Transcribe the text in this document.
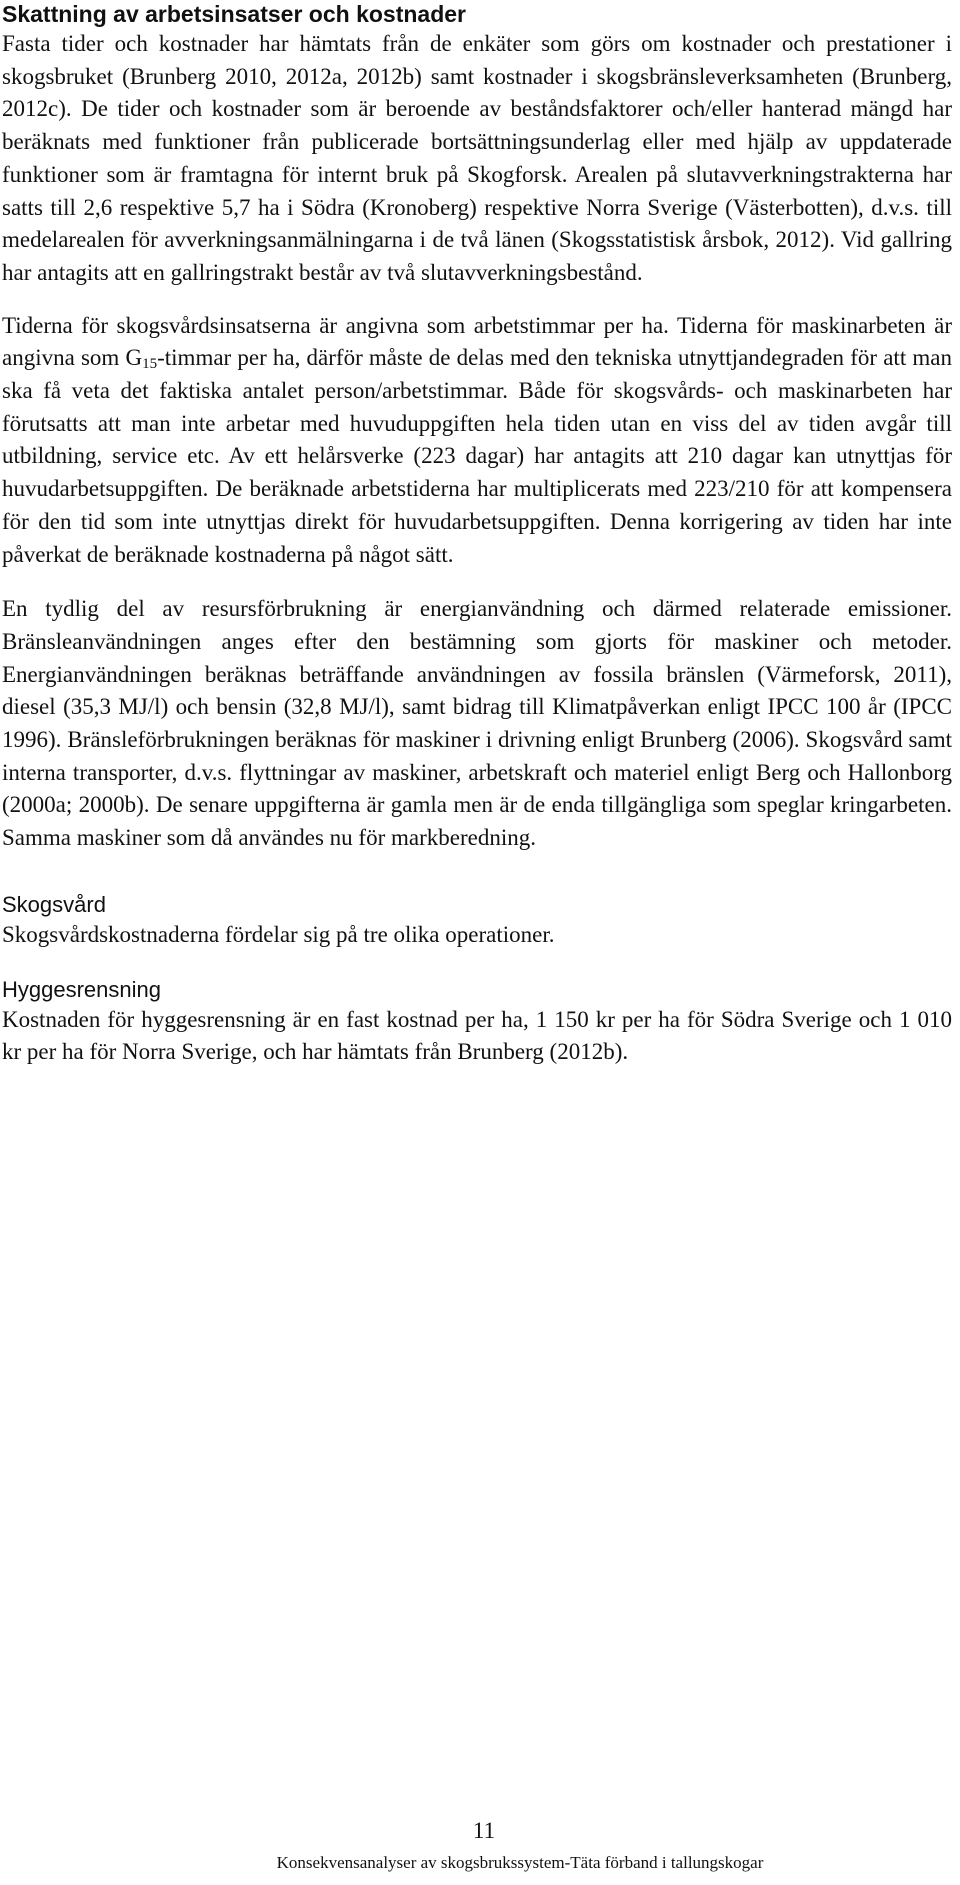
Skattning av arbetsinsatser och kostnader

Fasta tider och kostnader har hämtats från de enkäter som görs om kostnader och prestationer i skogsbruket (Brunberg 2010, 2012a, 2012b) samt kostnader i skogsbränsleverksamheten (Brunberg, 2012c). De tider och kostnader som är beroende av beståndsfaktorer och/eller hanterad mängd har beräknats med funktioner från publicerade bortsättningsunderlag eller med hjälp av uppdaterade funktioner som är framtagna för internt bruk på Skogforsk. Arealen på slutavverkningstrakterna har satts till 2,6 respektive 5,7 ha i Södra (Kronoberg) respektive Norra Sverige (Västerbotten), d.v.s. till medelarealen för avverkningsanmälningarna i de två länen (Skogsstatistisk årsbok, 2012). Vid gallring har antagits att en gallringstrakt består av två slutavverkningsbestånd.

Tiderna för skogsvårdsinsatserna är angivna som arbetstimmar per ha. Tiderna för maskinarbeten är angivna som G15-timmar per ha, därför måste de delas med den tekniska utnyttjandegraden för att man ska få veta det faktiska antalet person/arbetstimmar. Både för skogsvårds- och maskinarbeten har förutsatts att man inte arbetar med huvuduppgiften hela tiden utan en viss del av tiden avgår till utbildning, service etc. Av ett helårsverke (223 dagar) har antagits att 210 dagar kan utnyttjas för huvudarbetsuppgiften. De beräknade arbetstiderna har multiplicerats med 223/210 för att kompensera för den tid som inte utnyttjas direkt för huvudarbetsuppgiften. Denna korrigering av tiden har inte påverkat de beräknade kostnaderna på något sätt.

En tydlig del av resursförbrukning är energianvändning och därmed relaterade emissioner. Bränsleanvändningen anges efter den bestämning som gjorts för maskiner och metoder. Energianvändningen beräknas beträffande användningen av fossila bränslen (Värmeforsk, 2011), diesel (35,3 MJ/l) och bensin (32,8 MJ/l), samt bidrag till Klimatpåverkan enligt IPCC 100 år (IPCC 1996). Bränsleförbrukningen beräknas för maskiner i drivning enligt Brunberg (2006). Skogsvård samt interna transporter, d.v.s. flyttningar av maskiner, arbetskraft och materiel enligt Berg och Hallonborg (2000a; 2000b). De senare uppgifterna är gamla men är de enda tillgängliga som speglar kringarbeten. Samma maskiner som då användes nu för markberedning.

Skogsvård

Skogsvårdskostnaderna fördelar sig på tre olika operationer.

Hyggesrensning

Kostnaden för hyggesrensning är en fast kostnad per ha, 1 150 kr per ha för Södra Sverige och 1 010 kr per ha för Norra Sverige, och har hämtats från Brunberg (2012b).

11
Konsekvensanalyser av skogsbrukssystem-Täta förband i tallungskogar
